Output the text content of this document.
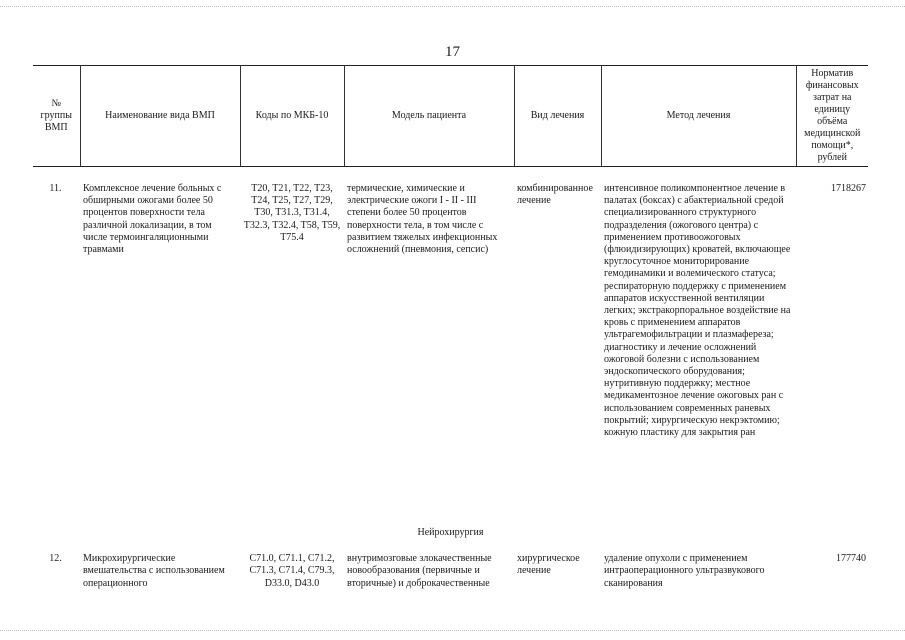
17
№ группы ВМП	Наименование вида ВМП	Коды по МКБ-10	Модель пациента	Вид лечения	Метод лечения	Норматив финансовых затрат на единицу объёма медицинской помощи*, рублей
11.	Комплексное лечение больных с обширными ожогами более 50 процентов поверхности тела различной локализации, в том числе термоингаляционными травмами	T20, T21, T22, T23, T24, T25, T27, T29, T30, T31.3, T31.4, T32.3, T32.4, T58, T59, T75.4	термические, химические и электрические ожоги I - II - III степени более 50 процентов поверхности тела, в том числе с развитием тяжелых инфекционных осложнений (пневмония, сепсис)	комбинированное лечение	интенсивное поликомпонентное лечение в палатах (боксах) с абактериальной средой специализированного структурного подразделения (ожогового центра) с применением противоожоговых (флюидизирующих) кроватей, включающее круглосуточное мониторирование гемодинамики и волемического статуса; респираторную поддержку с применением аппаратов искусственной вентиляции легких; экстракорпоральное воздействие на кровь с применением аппаратов ультрагемофильтрации и плазмафереза; диагностику и лечение осложнений ожоговой болезни с использованием эндоскопического оборудования; нутритивную поддержку; местное медикаментозное лечение ожоговых ран с использованием современных раневых покрытий; хирургическую некрэктомию; кожную пластику для закрытия ран	1718267
Нейрохирургия						
12.	Микрохирургические вмешательства с использованием операционного	C71.0, C71.1, C71.2, C71.3, C71.4, C79.3, D33.0, D43.0	внутримозговые злокачественные новообразования (первичные и вторичные) и доброкачественные	хирургическое лечение	удаление опухоли с применением интраоперационного ультразвукового сканирования	177740
